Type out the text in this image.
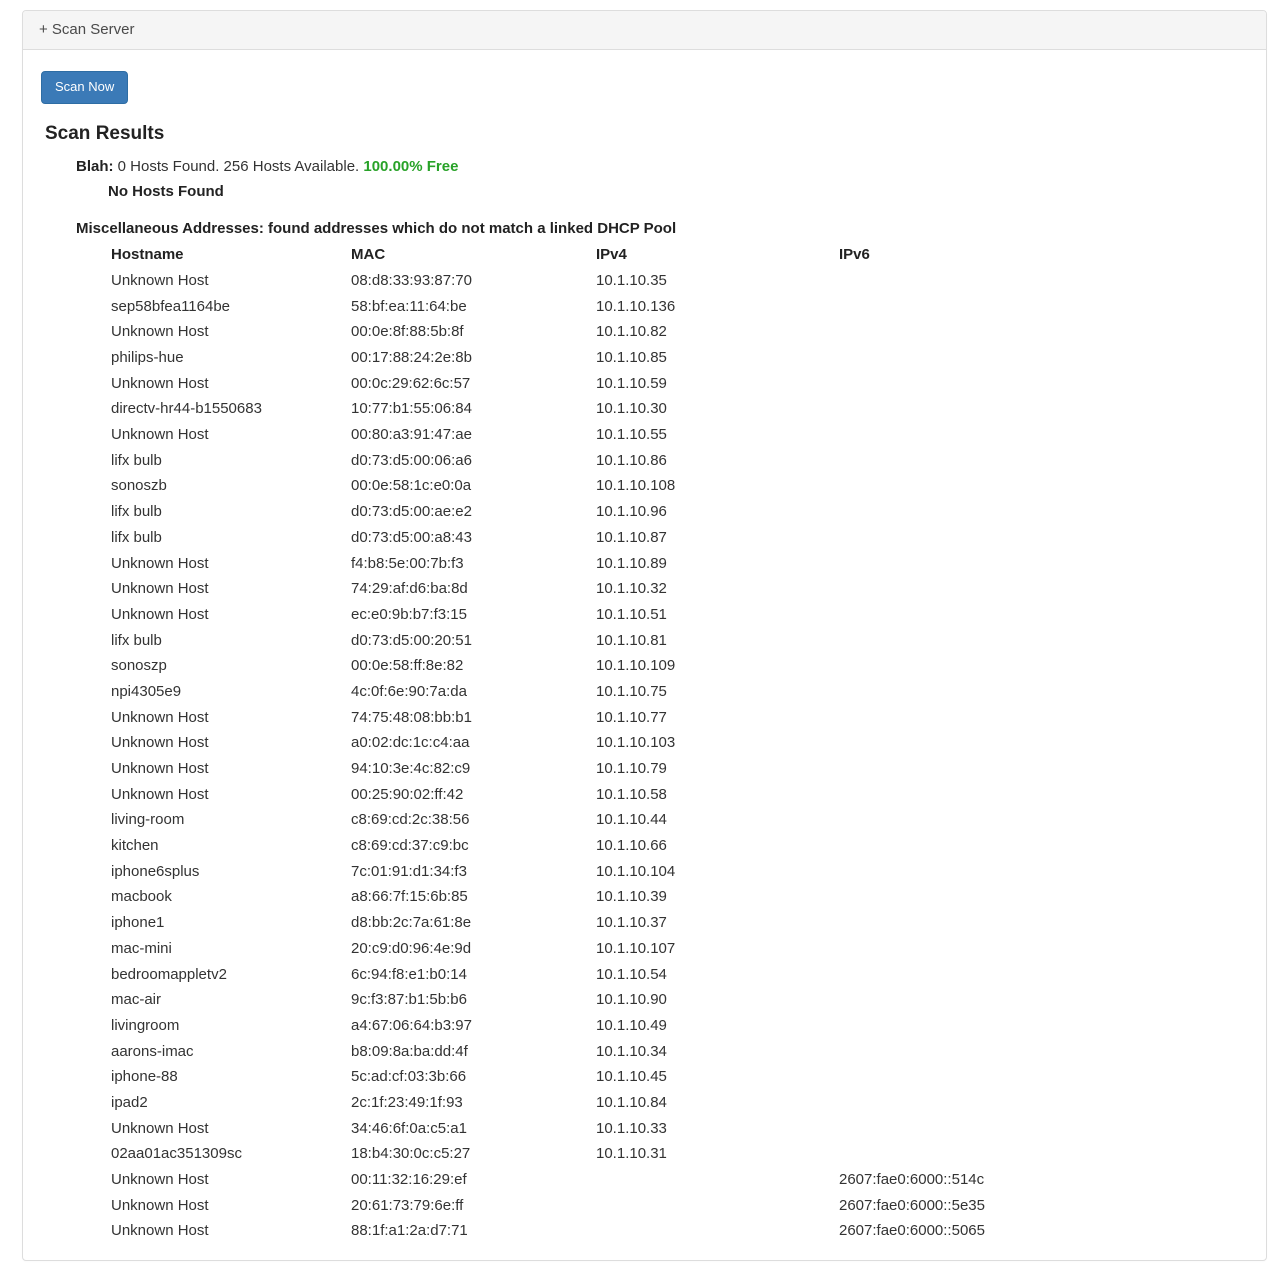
+ Scan Server
Scan Now
Scan Results
Blah: 0 Hosts Found. 256 Hosts Available. 100.00% Free
No Hosts Found
Miscellaneous Addresses: found addresses which do not match a linked DHCP Pool
Hostname	MAC	IPv4	IPv6
Unknown Host	08:d8:33:93:87:70	10.1.10.35	
sep58bfea1164be	58:bf:ea:11:64:be	10.1.10.136	
Unknown Host	00:0e:8f:88:5b:8f	10.1.10.82	
philips-hue	00:17:88:24:2e:8b	10.1.10.85	
Unknown Host	00:0c:29:62:6c:57	10.1.10.59	
directv-hr44-b1550683	10:77:b1:55:06:84	10.1.10.30	
Unknown Host	00:80:a3:91:47:ae	10.1.10.55	
lifx bulb	d0:73:d5:00:06:a6	10.1.10.86	
sonoszb	00:0e:58:1c:e0:0a	10.1.10.108	
lifx bulb	d0:73:d5:00:ae:e2	10.1.10.96	
lifx bulb	d0:73:d5:00:a8:43	10.1.10.87	
Unknown Host	f4:b8:5e:00:7b:f3	10.1.10.89	
Unknown Host	74:29:af:d6:ba:8d	10.1.10.32	
Unknown Host	ec:e0:9b:b7:f3:15	10.1.10.51	
lifx bulb	d0:73:d5:00:20:51	10.1.10.81	
sonoszp	00:0e:58:ff:8e:82	10.1.10.109	
npi4305e9	4c:0f:6e:90:7a:da	10.1.10.75	
Unknown Host	74:75:48:08:bb:b1	10.1.10.77	
Unknown Host	a0:02:dc:1c:c4:aa	10.1.10.103	
Unknown Host	94:10:3e:4c:82:c9	10.1.10.79	
Unknown Host	00:25:90:02:ff:42	10.1.10.58	
living-room	c8:69:cd:2c:38:56	10.1.10.44	
kitchen	c8:69:cd:37:c9:bc	10.1.10.66	
iphone6splus	7c:01:91:d1:34:f3	10.1.10.104	
macbook	a8:66:7f:15:6b:85	10.1.10.39	
iphone1	d8:bb:2c:7a:61:8e	10.1.10.37	
mac-mini	20:c9:d0:96:4e:9d	10.1.10.107	
bedroomappletv2	6c:94:f8:e1:b0:14	10.1.10.54	
mac-air	9c:f3:87:b1:5b:b6	10.1.10.90	
livingroom	a4:67:06:64:b3:97	10.1.10.49	
aarons-imac	b8:09:8a:ba:dd:4f	10.1.10.34	
iphone-88	5c:ad:cf:03:3b:66	10.1.10.45	
ipad2	2c:1f:23:49:1f:93	10.1.10.84	
Unknown Host	34:46:6f:0a:c5:a1	10.1.10.33	
02aa01ac351309sc	18:b4:30:0c:c5:27	10.1.10.31	
Unknown Host	00:11:32:16:29:ef		2607:fae0:6000::514c
Unknown Host	20:61:73:79:6e:ff		2607:fae0:6000::5e35
Unknown Host	88:1f:a1:2a:d7:71		2607:fae0:6000::5065
